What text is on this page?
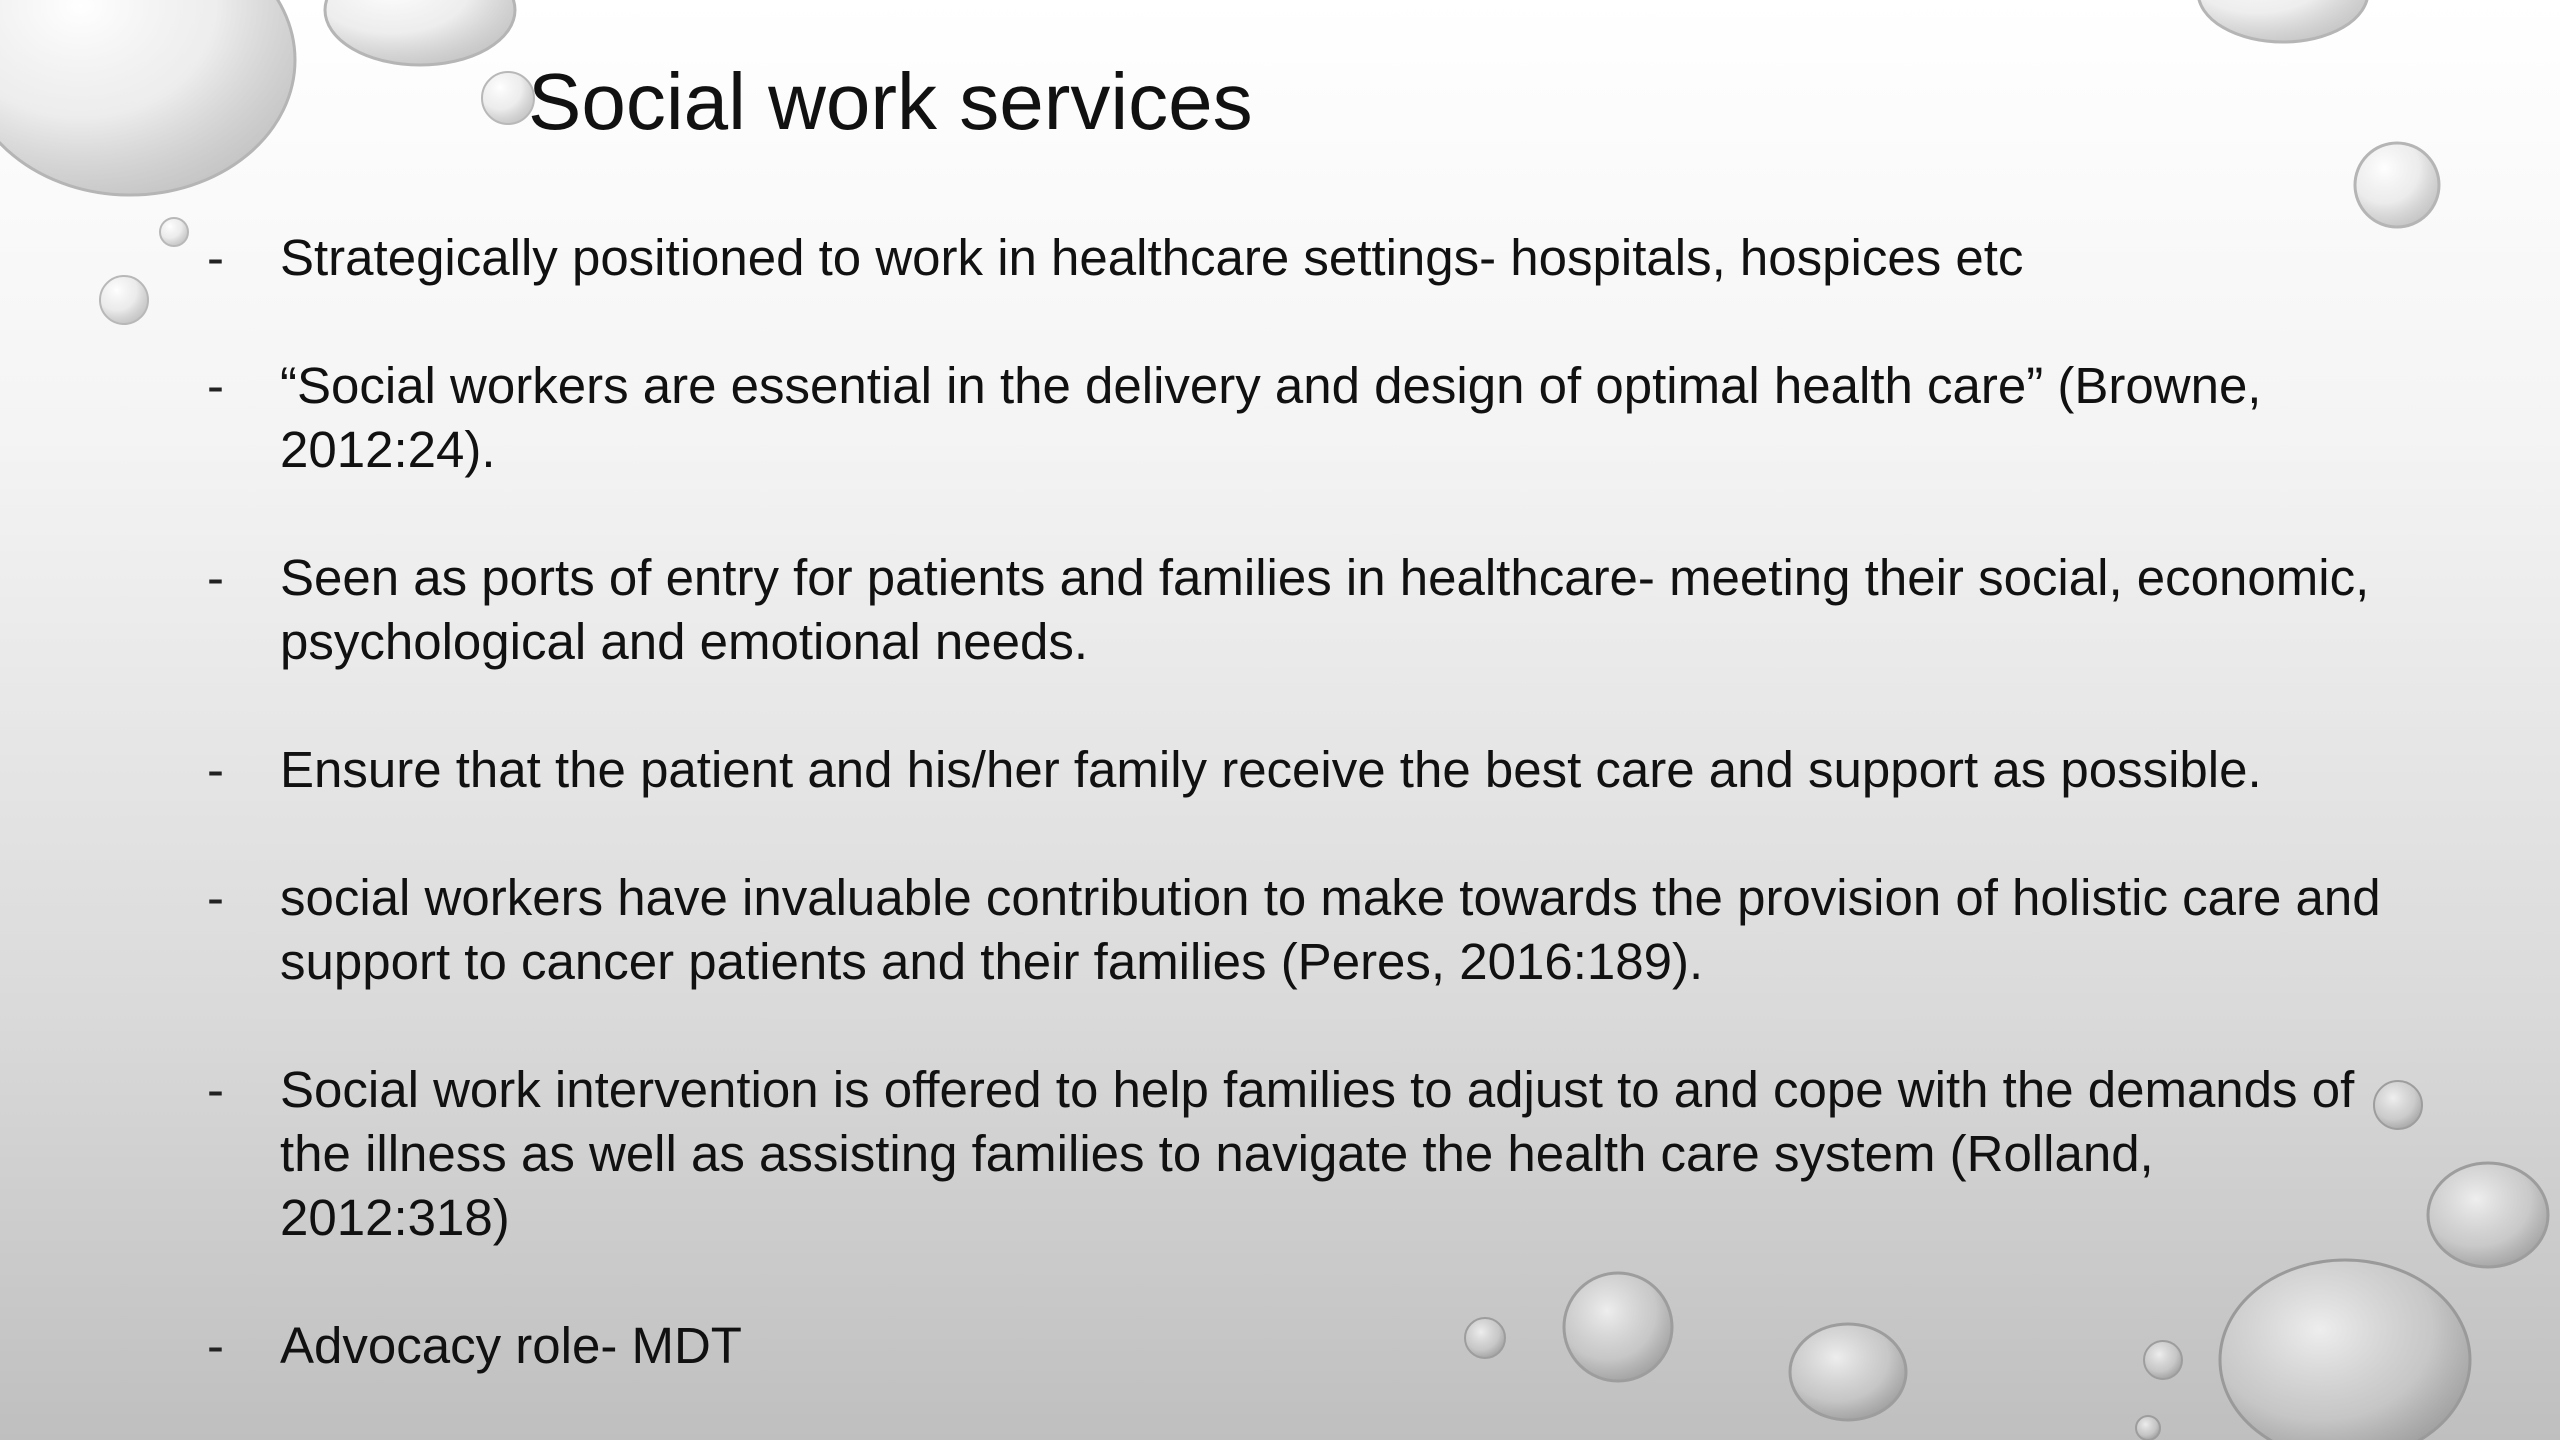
Social work services
- Strategically positioned to work in healthcare settings- hospitals, hospices etc
- “Social workers are essential in the delivery and design of optimal health care” (Browne, 2012:24).
- Seen as ports of entry for patients and families in healthcare- meeting their social, economic, psychological and emotional needs.
- Ensure that the patient and his/her family receive the best care and support as possible.
- social workers have invaluable contribution to make towards the provision of holistic care and support to cancer patients and their families (Peres, 2016:189).
- Social work intervention is offered to help families to adjust to and cope with the demands of the illness as well as assisting families to navigate the health care system (Rolland, 2012:318)
- Advocacy role- MDT
